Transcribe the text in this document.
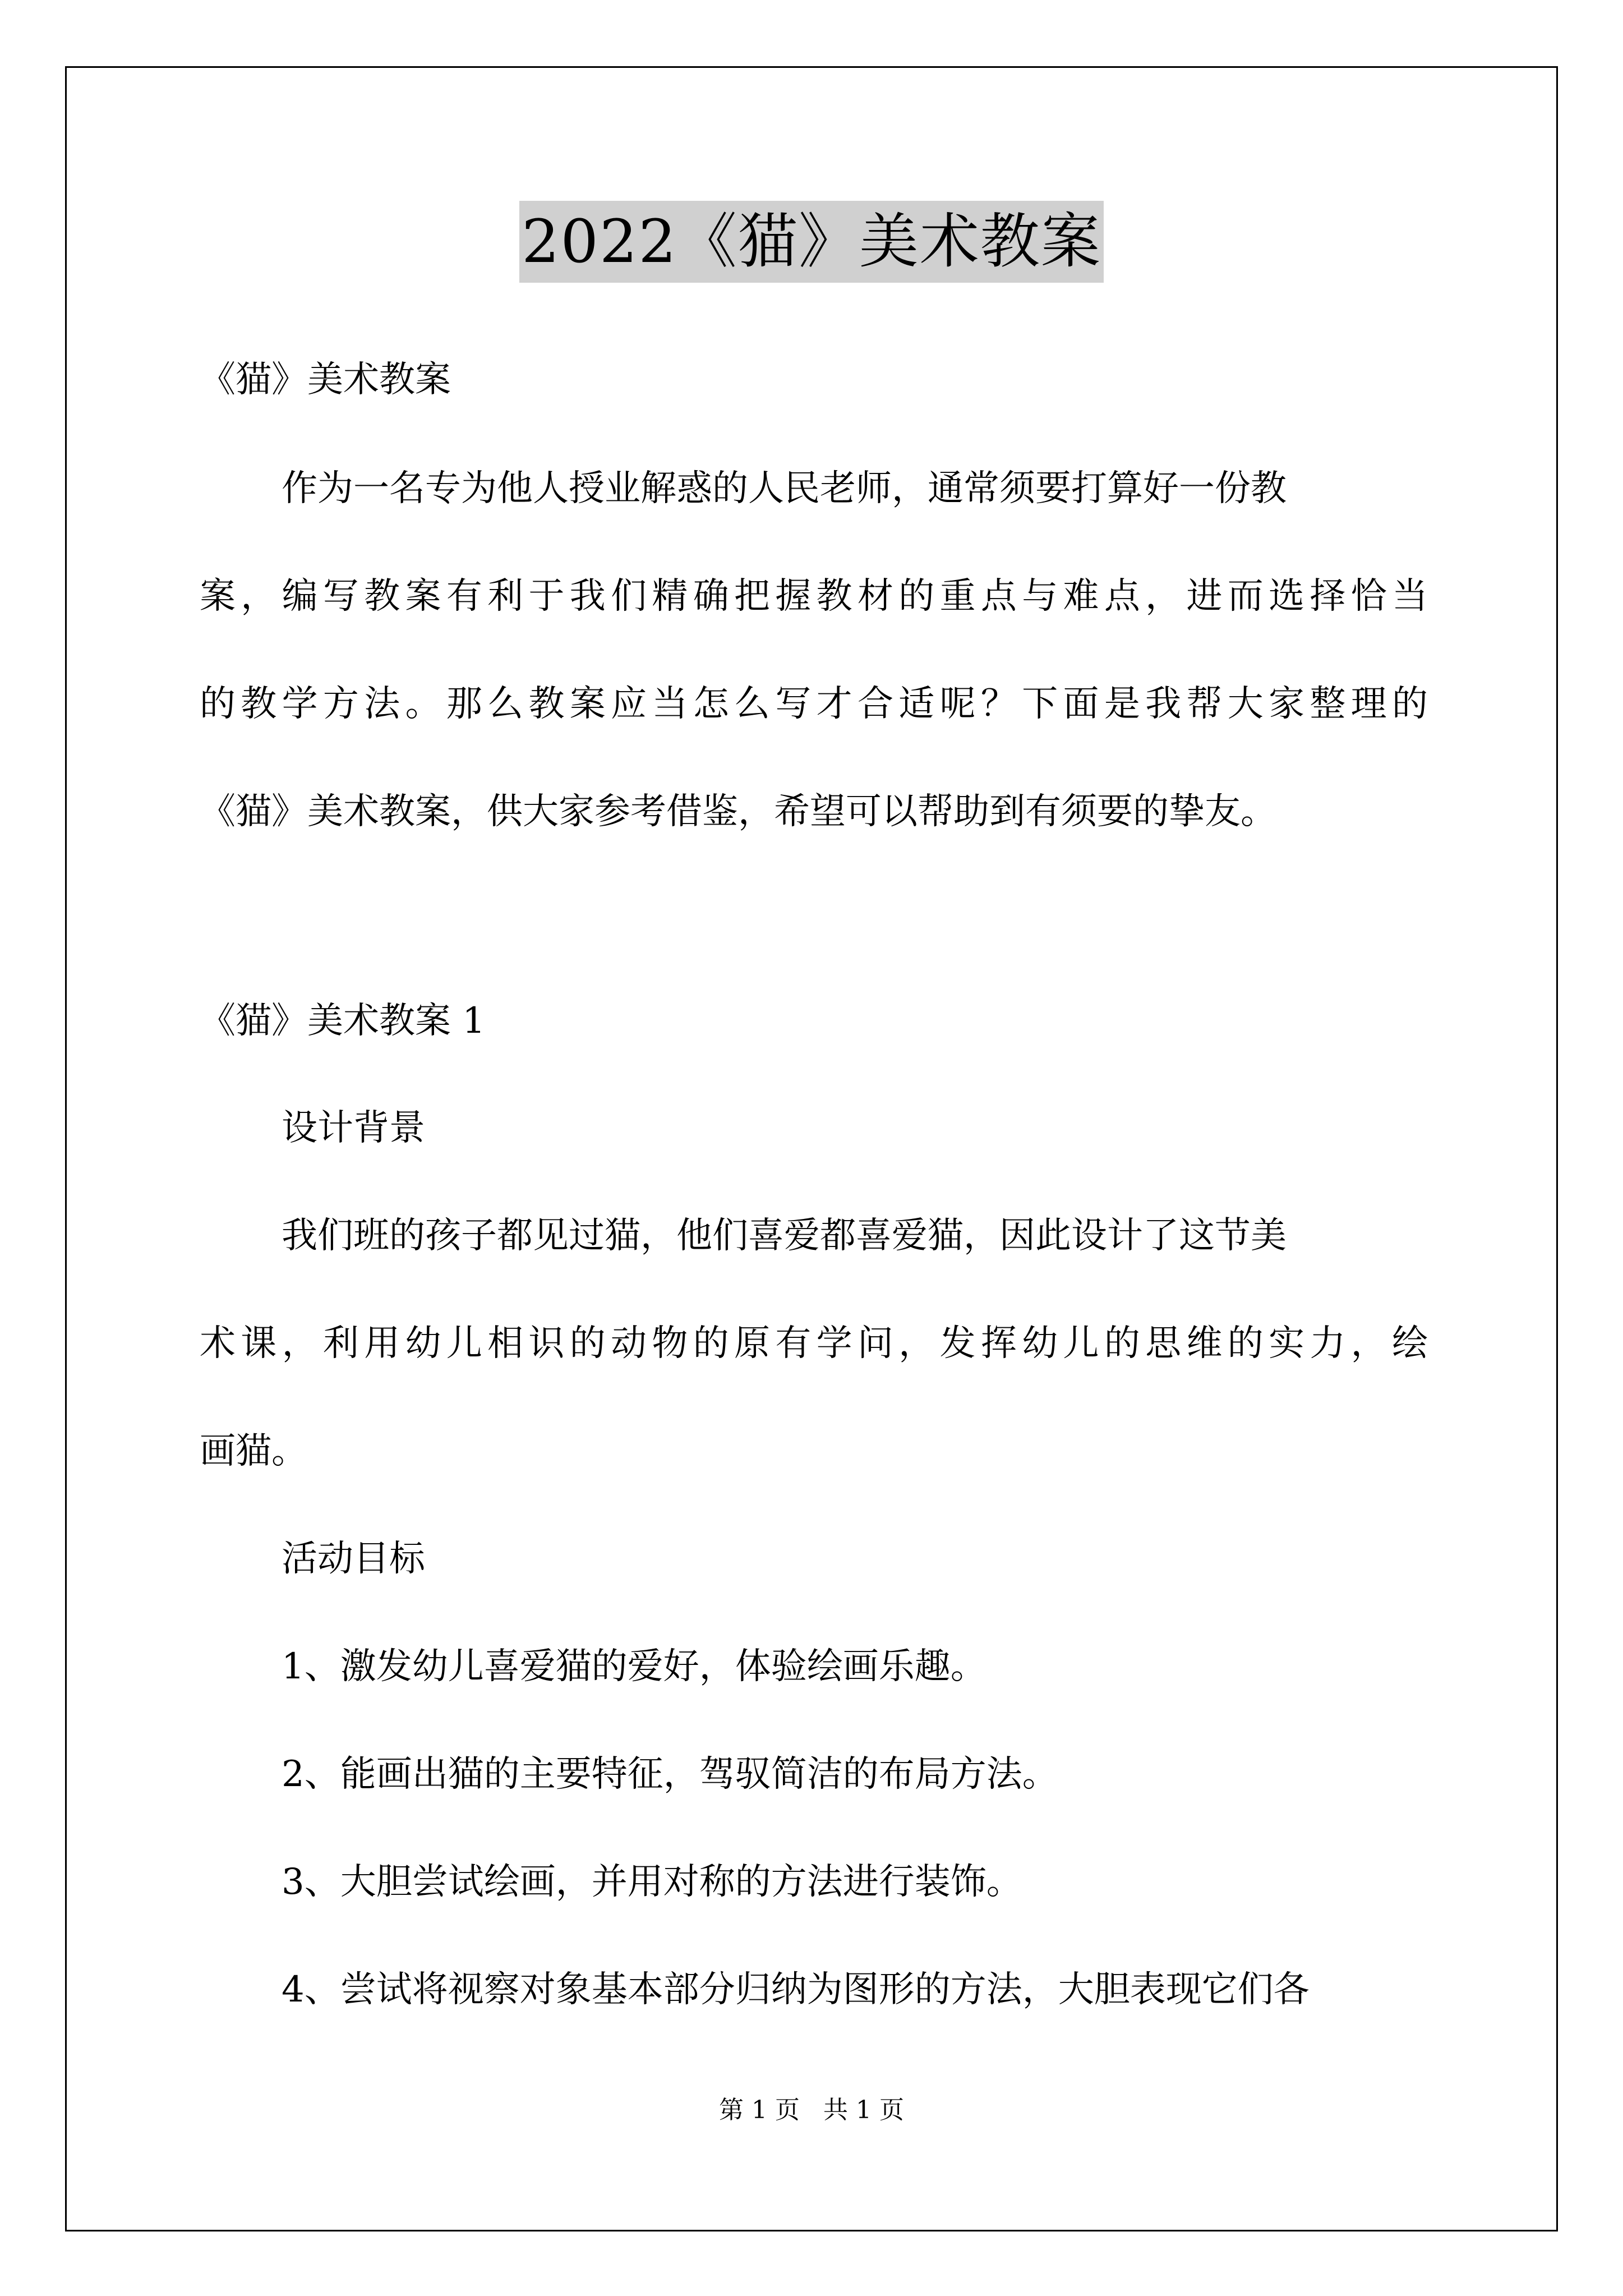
2022《猫》美术教案
《猫》美术教案
作为一名专为他人授业解惑的人民老师，通常须要打算好一份教
案，编写教案有利于我们精确把握教材的重点与难点，进而选择恰当
的教学方法。那么教案应当怎么写才合适呢？下面是我帮大家整理的
《猫》美术教案，供大家参考借鉴，希望可以帮助到有须要的挚友。
《猫》美术教案 1
设计背景
我们班的孩子都见过猫，他们喜爱都喜爱猫，因此设计了这节美
术课，利用幼儿相识的动物的原有学问，发挥幼儿的思维的实力，绘
画猫。
活动目标
1、激发幼儿喜爱猫的爱好，体验绘画乐趣。
2、能画出猫的主要特征，驾驭简洁的布局方法。
3、大胆尝试绘画，并用对称的方法进行装饰。
4、尝试将视察对象基本部分归纳为图形的方法，大胆表现它们各
第 1 页 共 1 页
